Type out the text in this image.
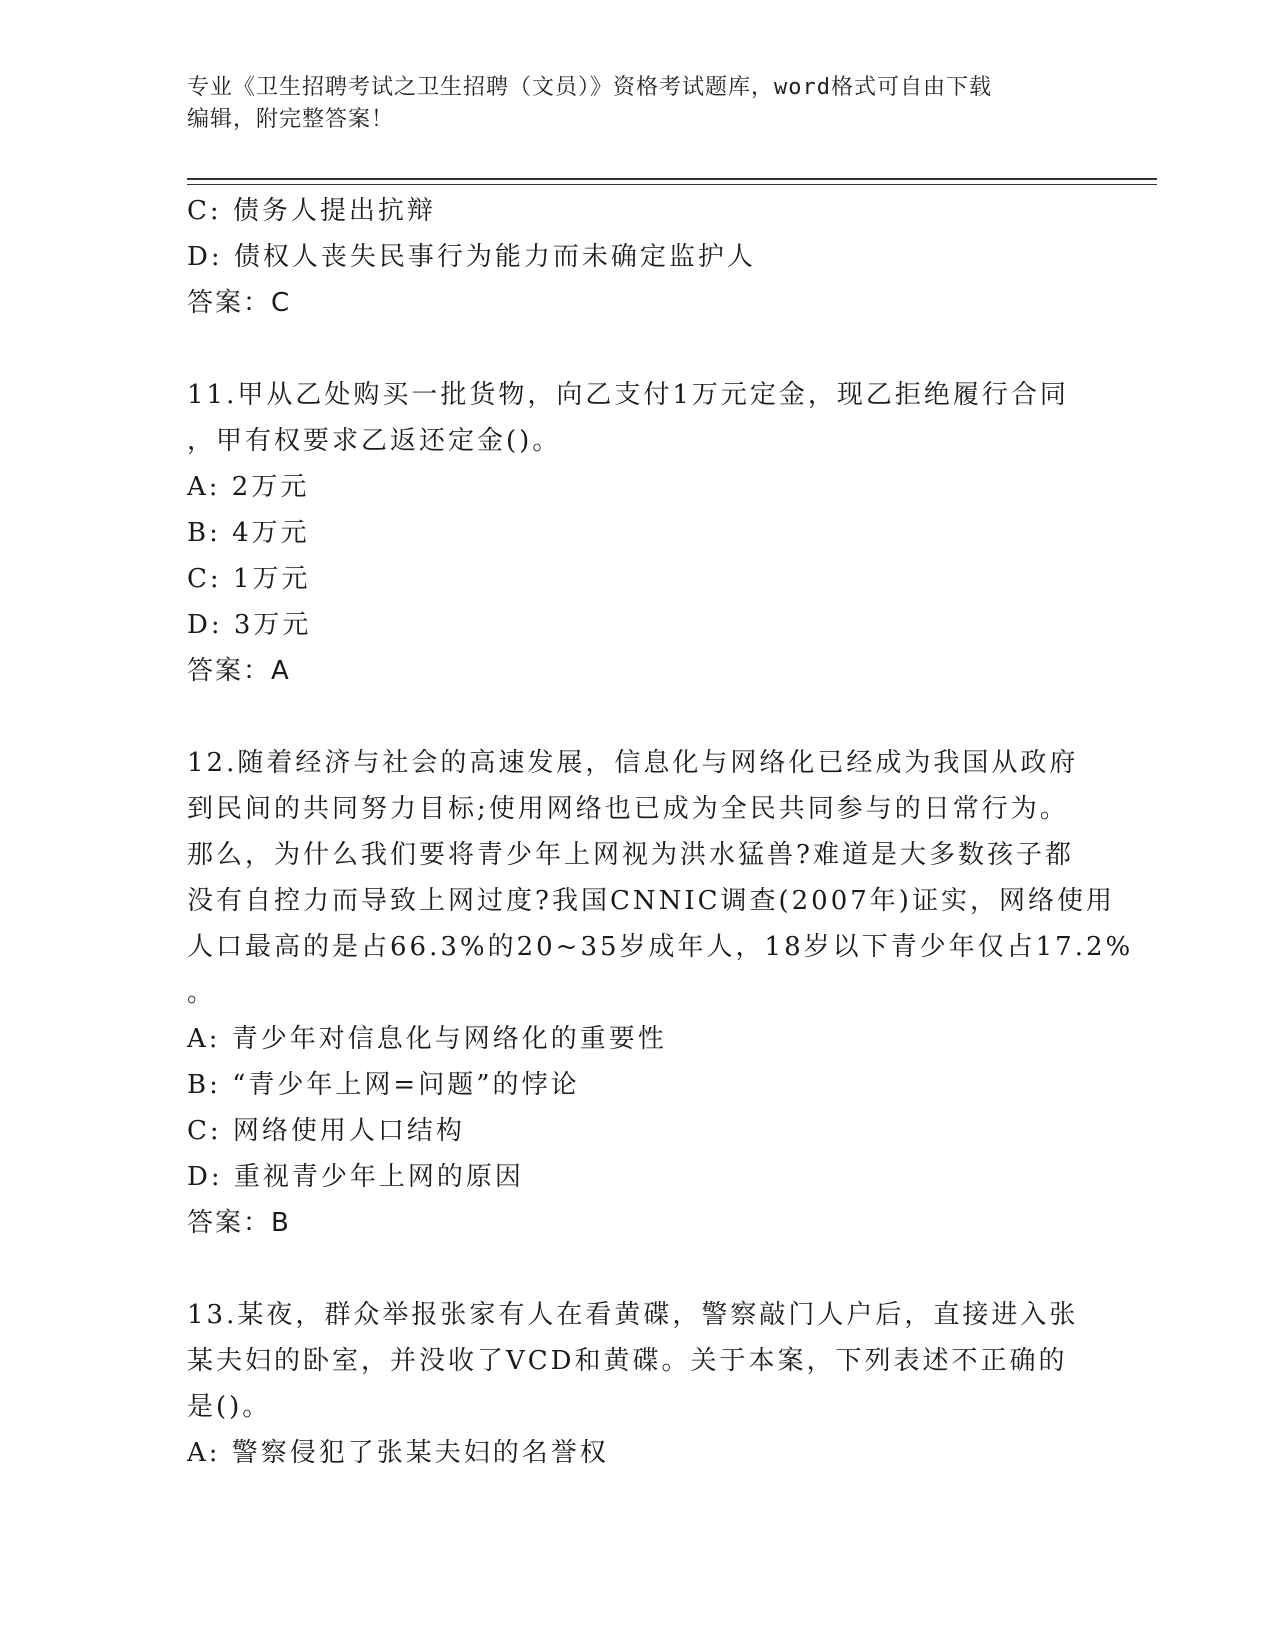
专业《卫生招聘考试之卫生招聘（文员）》资格考试题库，word格式可自由下载
编辑，附完整答案！
C: 债务人提出抗辩
D: 债权人丧失民事行为能力而未确定监护人
答案：C
11.甲从乙处购买一批货物，向乙支付1万元定金，现乙拒绝履行合同
，甲有权要求乙返还定金()。
A: 2万元
B: 4万元
C: 1万元
D: 3万元
答案：A
12.随着经济与社会的高速发展，信息化与网络化已经成为我国从政府
到民间的共同努力目标;使用网络也已成为全民共同参与的日常行为。
那么，为什么我们要将青少年上网视为洪水猛兽?难道是大多数孩子都
没有自控力而导致上网过度?我国CNNIC调查(2007年)证实，网络使用
人口最高的是占66.3%的20~35岁成年人，18岁以下青少年仅占17.2%
。
A: 青少年对信息化与网络化的重要性
B: “青少年上网=问题”的悖论
C: 网络使用人口结构
D: 重视青少年上网的原因
答案：B
13.某夜，群众举报张家有人在看黄碟，警察敲门人户后，直接进入张
某夫妇的卧室，并没收了VCD和黄碟。关于本案，下列表述不正确的
是()。
A: 警察侵犯了张某夫妇的名誉权
